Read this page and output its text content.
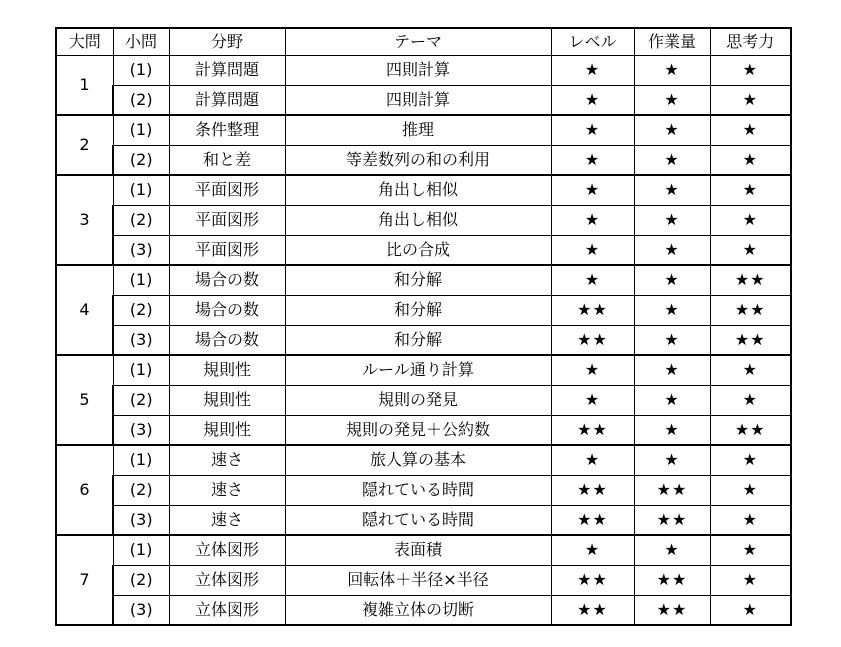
大問	小問	分野	テーマ	レベル	作業量	思考力
1	(1)	計算問題	四則計算	★	★	★
	(2)	計算問題	四則計算	★	★	★
2	(1)	条件整理	推理	★	★	★
	(2)	和と差	等差数列の和の利用	★	★	★
3	(1)	平面図形	角出し相似	★	★	★
	(2)	平面図形	角出し相似	★	★	★
	(3)	平面図形	比の合成	★	★	★
4	(1)	場合の数	和分解	★	★	★★
	(2)	場合の数	和分解	★★	★	★★
	(3)	場合の数	和分解	★★	★	★★
5	(1)	規則性	ルール通り計算	★	★	★
	(2)	規則性	規則の発見	★	★	★
	(3)	規則性	規則の発見＋公約数	★★	★	★★
6	(1)	速さ	旅人算の基本	★	★	★
	(2)	速さ	隠れている時間	★★	★★	★
	(3)	速さ	隠れている時間	★★	★★	★
7	(1)	立体図形	表面積	★	★	★
	(2)	立体図形	回転体＋半径×半径	★★	★★	★
	(3)	立体図形	複雑立体の切断	★★	★★	★
